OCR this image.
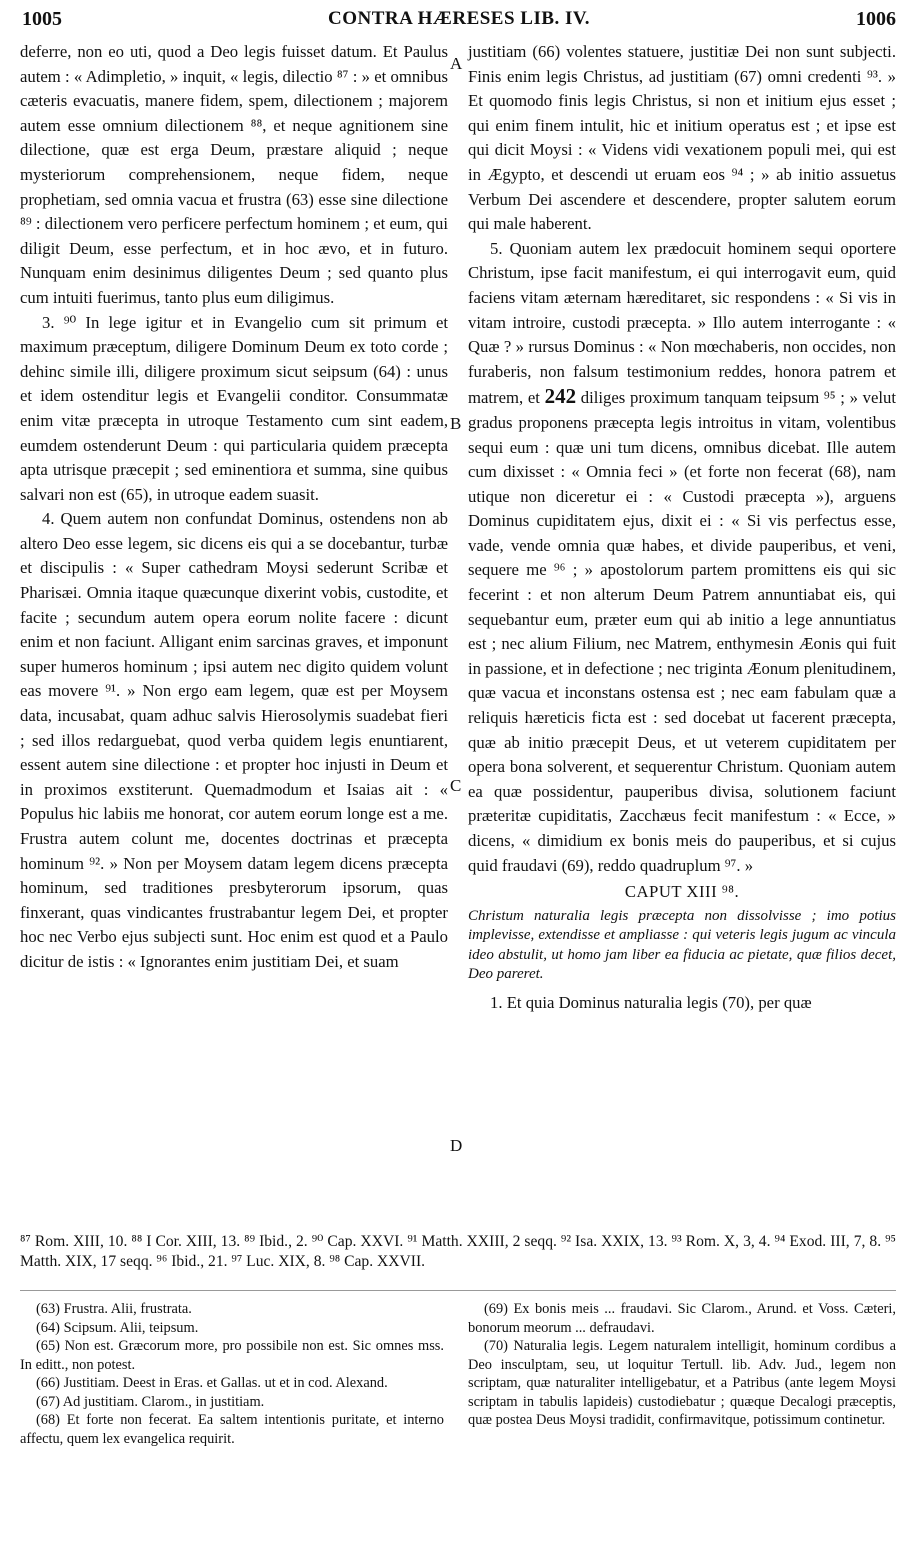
1005	CONTRA HÆRESES LIB. IV.	1006
A
B
C
D

deferre, non eo uti, quod a Deo legis fuisset datum. Et Paulus autem : « Adimpletio, » inquit, « legis, dilectio ⁸⁷ : » et omnibus cæteris evacuatis, manere fidem, spem, dilectionem ; majorem autem esse omnium dilectionem ⁸⁸, et neque agnitionem sine dilectione, quæ est erga Deum, præstare aliquid ; neque mysteriorum comprehensionem, neque fidem, neque prophetiam, sed omnia vacua et frustra (63) esse sine dilectione ⁸⁹ : dilectionem vero perficere perfectum hominem ; et eum, qui diligit Deum, esse perfectum, et in hoc ævo, et in futuro. Nunquam enim desinimus diligentes Deum ; sed quanto plus cum intuiti fuerimus, tanto plus eum diligimus.

3. ⁹⁰ In lege igitur et in Evangelio cum sit primum et maximum præceptum, diligere Dominum Deum ex toto corde ; dehinc simile illi, diligere proximum sicut seipsum (64) : unus et idem ostenditur legis et Evangelii conditor. Consummatæ enim vitæ præcepta in utroque Testamento cum sint eadem, eumdem ostenderunt Deum : qui particularia quidem præcepta apta utrisque præcepit ; sed eminentiora et summa, sine quibus salvari non est (65), in utroque eadem suasit.

4. Quem autem non confundat Dominus, ostendens non ab altero Deo esse legem, sic dicens eis qui a se docebantur, turbæ et discipulis : « Super cathedram Moysi sederunt Scribæ et Pharisæi. Omnia itaque quæcunque dixerint vobis, custodite, et facite ; secundum autem opera eorum nolite facere : dicunt enim et non faciunt. Alligant enim sarcinas graves, et imponunt super humeros hominum ; ipsi autem nec digito quidem volunt eas movere ⁹¹. » Non ergo eam legem, quæ est per Moysem data, incusabat, quam adhuc salvis Hierosolymis suadebat fieri ; sed illos redarguebat, quod verba quidem legis enuntiarent, essent autem sine dilectione : et propter hoc injusti in Deum et in proximos exstiterunt. Quemadmodum et Isaias ait : « Populus hic labiis me honorat, cor autem eorum longe est a me. Frustra autem colunt me, docentes doctrinas et præcepta hominum ⁹². » Non per Moysem datam legem dicens præcepta hominum, sed traditiones presbyterorum ipsorum, quas finxerant, quas vindicantes frustrabantur legem Dei, et propter hoc nec Verbo ejus subjecti sunt. Hoc enim est quod et a Paulo dicitur de istis : « Ignorantes enim justitiam Dei, et suam

justitiam (66) volentes statuere, justitiæ Dei non sunt subjecti. Finis enim legis Christus, ad justitiam (67) omni credenti ⁹³. » Et quomodo finis legis Christus, si non et initium ejus esset ; qui enim finem intulit, hic et initium operatus est ; et ipse est qui dicit Moysi : « Videns vidi vexationem populi mei, qui est in Ægypto, et descendi ut eruam eos ⁹⁴ ; » ab initio assuetus Verbum Dei ascendere et descendere, propter salutem eorum qui male haberent.

5. Quoniam autem lex prædocuit hominem sequi oportere Christum, ipse facit manifestum, ei qui interrogavit eum, quid faciens vitam æternam hæreditaret, sic respondens : « Si vis in vitam introire, custodi præcepta. » Illo autem interrogante : « Quæ ? » rursus Dominus : « Non mœchaberis, non occides, non furaberis, non falsum testimonium reddes, honora patrem et matrem, et 242 diliges proximum tanquam teipsum ⁹⁵ ; » velut gradus proponens præcepta legis introitus in vitam, volentibus sequi eum : quæ uni tum dicens, omnibus dicebat. Ille autem cum dixisset : « Omnia feci » (et forte non fecerat (68), nam utique non diceretur ei : « Custodi præcepta »), arguens Dominus cupiditatem ejus, dixit ei : « Si vis perfectus esse, vade, vende omnia quæ habes, et divide pauperibus, et veni, sequere me ⁹⁶ ; » apostolorum partem promittens eis qui sic fecerint : et non alterum Deum Patrem annuntiabat eis, qui sequebantur eum, præter eum qui ab initio a lege annuntiatus est ; nec alium Filium, nec Matrem, enthymesin Æonis qui fuit in passione, et in defectione ; nec triginta Æonum plenitudinem, quæ vacua et inconstans ostensa est ; nec eam fabulam quæ a reliquis hæreticis ficta est : sed docebat ut facerent præcepta, quæ ab initio præcepit Deus, et ut veterem cupiditatem per opera bona solverent, et sequerentur Christum. Quoniam autem ea quæ possidentur, pauperibus divisa, solutionem faciunt præteritæ cupiditatis, Zacchæus fecit manifestum : « Ecce, » dicens, « dimidium ex bonis meis do pauperibus, et si cujus quid fraudavi (69), reddo quadruplum ⁹⁷. »

CAPUT XIII ⁹⁸.
Christum naturalia legis præcepta non dissolvisse ; imo potius implevisse, extendisse et ampliasse : qui veteris legis jugum ac vincula ideo abstulit, ut homo jam liber ea fiducia ac pietate, quæ filios decet, Deo pareret.

1. Et quia Dominus naturalia legis (70), per quæ

⁸⁷ Rom. XIII, 10. ⁸⁸ I Cor. XIII, 13. ⁸⁹ Ibid., 2. ⁹⁰ Cap. XXVI. ⁹¹ Matth. XXIII, 2 seqq. ⁹² Isa. XXIX, 13. ⁹³ Rom. X, 3, 4. ⁹⁴ Exod. III, 7, 8. ⁹⁵ Matth. XIX, 17 seqq. ⁹⁶ Ibid., 21. ⁹⁷ Luc. XIX, 8. ⁹⁸ Cap. XXVII.

(63) Frustra. Alii, frustrata.

(64) Scipsum. Alii, teipsum.

(65) Non est. Græcorum more, pro possibile non est. Sic omnes mss. In editt., non potest.

(66) Justitiam. Deest in Eras. et Gallas. ut et in cod. Alexand.

(67) Ad justitiam. Clarom., in justitiam.

(68) Et forte non fecerat. Ea saltem intentionis puritate, et interno affectu, quem lex evangelica requirit.

(69) Ex bonis meis ... fraudavi. Sic Clarom., Arund. et Voss. Cæteri, bonorum meorum ... defraudavi.

(70) Naturalia legis. Legem naturalem intelligit, hominum cordibus a Deo insculptam, seu, ut loquitur Tertull. lib. Adv. Jud., legem non scriptam, quæ naturaliter intelligebatur, et a Patribus (ante legem Moysi scriptam in tabulis lapideis) custodiebatur ; quæque Decalogi præceptis, quæ postea Deus Moysi tradidit, confirmavitque, potissimum continetur.
